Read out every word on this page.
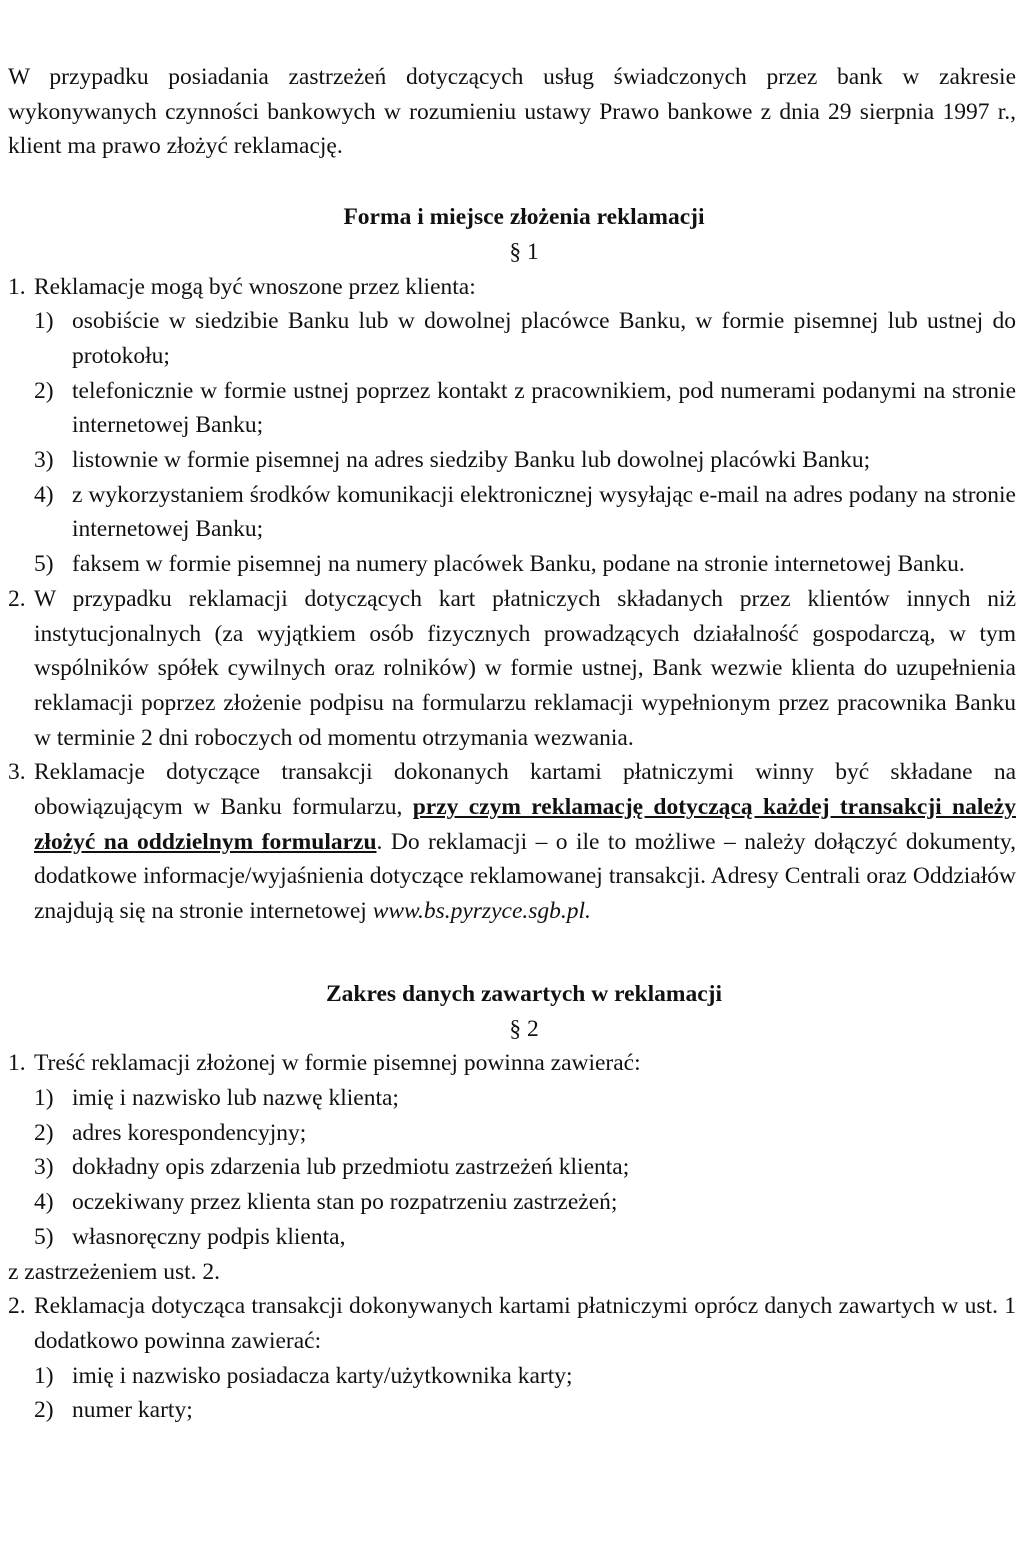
W przypadku posiadania zastrzeżeń dotyczących usług świadczonych przez bank w zakresie wykonywanych czynności bankowych w rozumieniu ustawy Prawo bankowe z dnia 29 sierpnia 1997 r., klient ma prawo złożyć reklamację.

Forma i miejsce złożenia reklamacji

§ 1

1. Reklamacje mogą być wnoszone przez klienta:

1) osobiście w siedzibie Banku lub w dowolnej placówce Banku, w formie pisemnej lub ustnej do protokołu;

2) telefonicznie w formie ustnej poprzez kontakt z pracownikiem, pod numerami podanymi na stronie internetowej Banku;

3) listownie w formie pisemnej na adres siedziby Banku lub dowolnej placówki Banku;

4) z wykorzystaniem środków komunikacji elektronicznej wysyłając e-mail na adres podany na stronie internetowej Banku;

5) faksem w formie pisemnej na numery placówek Banku, podane na stronie internetowej Banku.

2. W przypadku reklamacji dotyczących kart płatniczych składanych przez klientów innych niż instytucjonalnych (za wyjątkiem osób fizycznych prowadzących działalność gospodarczą, w tym wspólników spółek cywilnych oraz rolników) w formie ustnej, Bank wezwie klienta do uzupełnienia reklamacji poprzez złożenie podpisu na formularzu reklamacji wypełnionym przez pracownika Banku w terminie 2 dni roboczych od momentu otrzymania wezwania.

3. Reklamacje dotyczące transakcji dokonanych kartami płatniczymi winny być składane na obowiązującym w Banku formularzu, przy czym reklamację dotyczącą każdej transakcji należy złożyć na oddzielnym formularzu. Do reklamacji – o ile to możliwe – należy dołączyć dokumenty, dodatkowe informacje/wyjaśnienia dotyczące reklamowanej transakcji. Adresy Centrali oraz Oddziałów znajdują się na stronie internetowej www.bs.pyrzyce.sgb.pl.

Zakres danych zawartych w reklamacji

§ 2

1. Treść reklamacji złożonej w formie pisemnej powinna zawierać:

1) imię i nazwisko lub nazwę klienta;

2) adres korespondencyjny;

3) dokładny opis zdarzenia lub przedmiotu zastrzeżeń klienta;

4) oczekiwany przez klienta stan po rozpatrzeniu zastrzeżeń;

5) własnoręczny podpis klienta,

z zastrzeżeniem ust. 2.

2. Reklamacja dotycząca transakcji dokonywanych kartami płatniczymi oprócz danych zawartych w ust. 1 dodatkowo powinna zawierać:

1) imię i nazwisko posiadacza karty/użytkownika karty;

2) numer karty;
